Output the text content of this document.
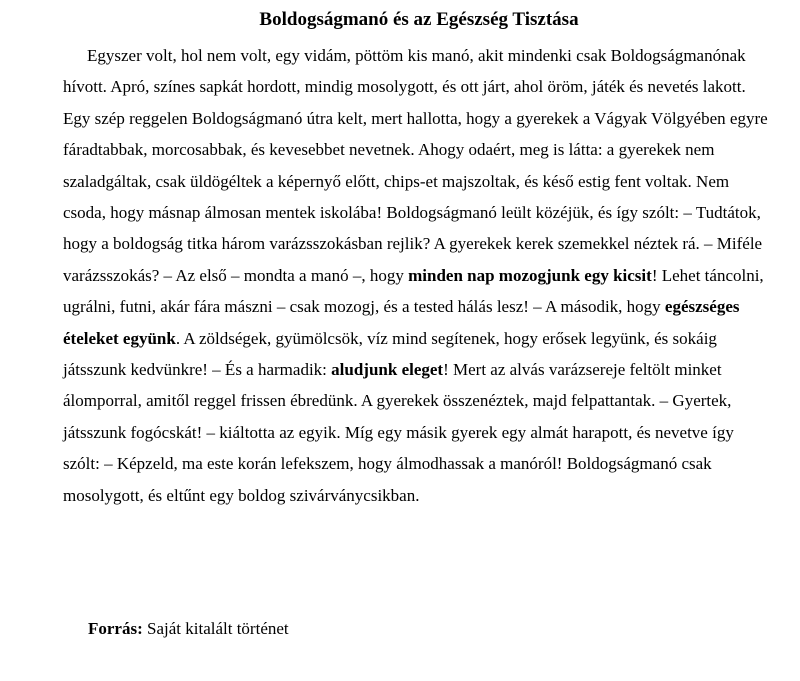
Boldogságmanó és az Egészség Tisztása

Egyszer volt, hol nem volt, egy vidám, pöttöm kis manó, akit mindenki csak Boldogságmanónak hívott. Apró, színes sapkát hordott, mindig mosolygott, és ott járt, ahol öröm, játék és nevetés lakott. Egy szép reggelen Boldogságmanó útra kelt, mert hallotta, hogy a gyerekek a Vágyak Völgyében egyre fáradtabbak, morcosabbak, és kevesebbet nevetnek. Ahogy odaért, meg is látta: a gyerekek nem szaladgáltak, csak üldögéltek a képernyő előtt, chips-et majszoltak, és késő estig fent voltak. Nem csoda, hogy másnap álmosan mentek iskolába! Boldogságmanó leült közéjük, és így szólt: – Tudtátok, hogy a boldogság titka három varázsszokásban rejlik? A gyerekek kerek szemekkel néztek rá. – Miféle varázsszokás? – Az első – mondta a manó –, hogy minden nap mozogjunk egy kicsit! Lehet táncolni, ugrálni, futni, akár fára mászni – csak mozogj, és a tested hálás lesz! – A második, hogy egészséges ételeket együnk. A zöldségek, gyümölcsök, víz mind segítenek, hogy erősek legyünk, és sokáig játsszunk kedvünkre! – És a harmadik: aludjunk eleget! Mert az alvás varázsereje feltölt minket álomporral, amitől reggel frissen ébredünk. A gyerekek összenéztek, majd felpattantak. – Gyertek, játsszunk fogócskát! – kiáltotta az egyik. Míg egy másik gyerek egy almát harapott, és nevetve így szólt: – Képzeld, ma este korán lefekszem, hogy álmodhassak a manóról! Boldogságmanó csak mosolygott, és eltűnt egy boldog szivárványcsikban.

Forrás: Saját kitalált történet
